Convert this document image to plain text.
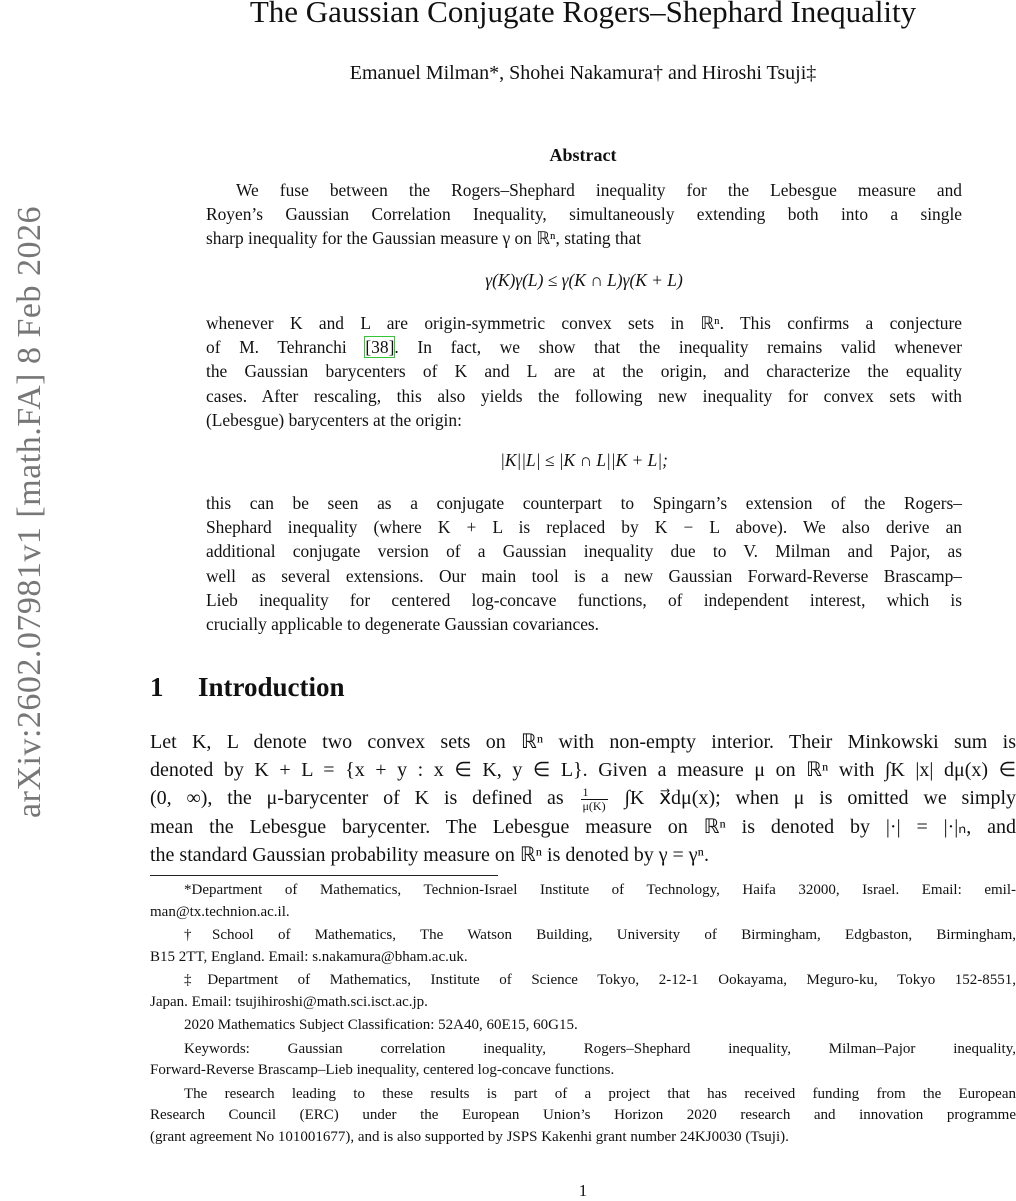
arXiv:2602.07981v1 [math.FA] 8 Feb 2026
The Gaussian Conjugate Rogers–Shephard Inequality
Emanuel Milman*, Shohei Nakamura† and Hiroshi Tsuji‡
Abstract
We fuse between the Rogers–Shephard inequality for the Lebesgue measure and
Royen’s Gaussian Correlation Inequality, simultaneously extending both into a single
sharp inequality for the Gaussian measure γ on ℝⁿ, stating that
γ(K)γ(L) ≤ γ(K ∩ L)γ(K + L)
whenever K and L are origin-symmetric convex sets in ℝⁿ. This confirms a conjecture
of M. Tehranchi [38]. In fact, we show that the inequality remains valid whenever
the Gaussian barycenters of K and L are at the origin, and characterize the equality
cases. After rescaling, this also yields the following new inequality for convex sets with
(Lebesgue) barycenters at the origin:
|K||L| ≤ |K ∩ L||K + L|;
this can be seen as a conjugate counterpart to Spingarn’s extension of the Rogers–
Shephard inequality (where K + L is replaced by K − L above). We also derive an
additional conjugate version of a Gaussian inequality due to V. Milman and Pajor, as
well as several extensions. Our main tool is a new Gaussian Forward-Reverse Brascamp–
Lieb inequality for centered log-concave functions, of independent interest, which is
crucially applicable to degenerate Gaussian covariances.
1 Introduction
Let K, L denote two convex sets on ℝⁿ with non-empty interior. Their Minkowski sum is
denoted by K + L = {x + y : x ∈ K, y ∈ L}. Given a measure μ on ℝⁿ with ∫K |x| dμ(x) ∈
(0, ∞), the μ-barycenter of K is defined as $\frac{1}{\mu(K)} \int K$ x⃗dμ(x); when μ is omitted we simply
mean the Lebesgue barycenter. The Lebesgue measure on ℝⁿ is denoted by |·| = |·|ₙ, and
the standard Gaussian probability measure on ℝⁿ is denoted by γ = γⁿ.
*Department of Mathematics, Technion-Israel Institute of Technology, Haifa 32000, Israel. Email: emil-
man@tx.technion.ac.il.
†School of Mathematics, The Watson Building, University of Birmingham, Edgbaston, Birmingham,
B15 2TT, England. Email: s.nakamura@bham.ac.uk.
‡Department of Mathematics, Institute of Science Tokyo, 2-12-1 Ookayama, Meguro-ku, Tokyo 152-8551,
Japan. Email: tsujihiroshi@math.sci.isct.ac.jp.
2020 Mathematics Subject Classification: 52A40, 60E15, 60G15.
Keywords: Gaussian correlation inequality, Rogers–Shephard inequality, Milman–Pajor inequality,
Forward-Reverse Brascamp–Lieb inequality, centered log-concave functions.
The research leading to these results is part of a project that has received funding from the European
Research Council (ERC) under the European Union’s Horizon 2020 research and innovation programme
(grant agreement No 101001677), and is also supported by JSPS Kakenhi grant number 24KJ0030 (Tsuji).
1
